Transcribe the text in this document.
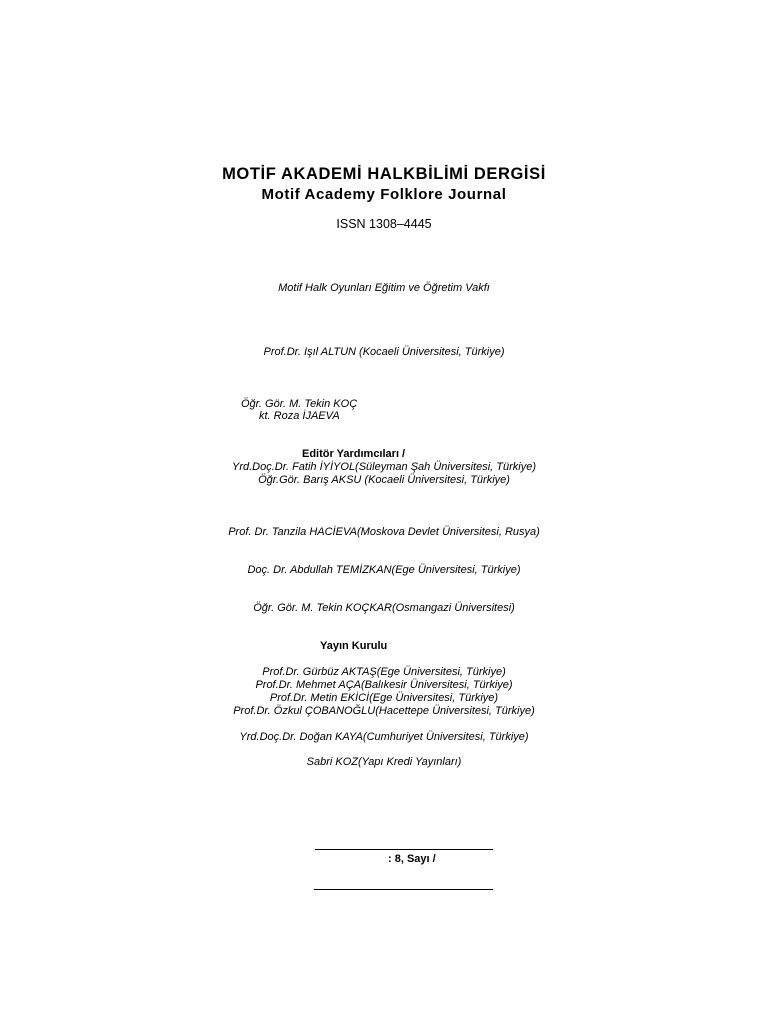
MOTİF AKADEMİ HALKBİLİMİ DERGİSİ
Motif Academy Folklore Journal
ISSN 1308–4445
Motif Halk Oyunları Eğitim ve Öğretim Vakfı
Prof.Dr. Işıl ALTUN (Kocaeli Üniversitesi, Türkiye)
Öğr. Gör. M. Tekin KOÇ
kt. Roza İJAEVA
Editör Yardımcıları /
Yrd.Doç.Dr. Fatih İYİYOL(Süleyman Şah Üniversitesi, Türkiye)
Öğr.Gör. Barış AKSU (Kocaeli Üniversitesi, Türkiye)
Prof. Dr. Tanzila HACİEVA(Moskova Devlet Üniversitesi, Rusya)
Doç. Dr. Abdullah TEMİZKAN(Ege Üniversitesi, Türkiye)
Öğr. Gör. M. Tekin KOÇKAR(Osmangazi Üniversitesi)
Yayın Kurulu
Prof.Dr. Gürbüz AKTAŞ(Ege Üniversitesi, Türkiye)
Prof.Dr. Mehmet AÇA(Balıkesir Üniversitesi, Türkiye)
Prof.Dr. Metin EKİCİ(Ege Üniversitesi, Türkiye)
Prof.Dr. Özkul ÇOBANOĞLU(Hacettepe Üniversitesi, Türkiye)
Yrd.Doç.Dr. Doğan KAYA(Cumhuriyet Üniversitesi, Türkiye)
Sabri KOZ(Yapı Kredi Yayınları)
: 8, Sayı /
